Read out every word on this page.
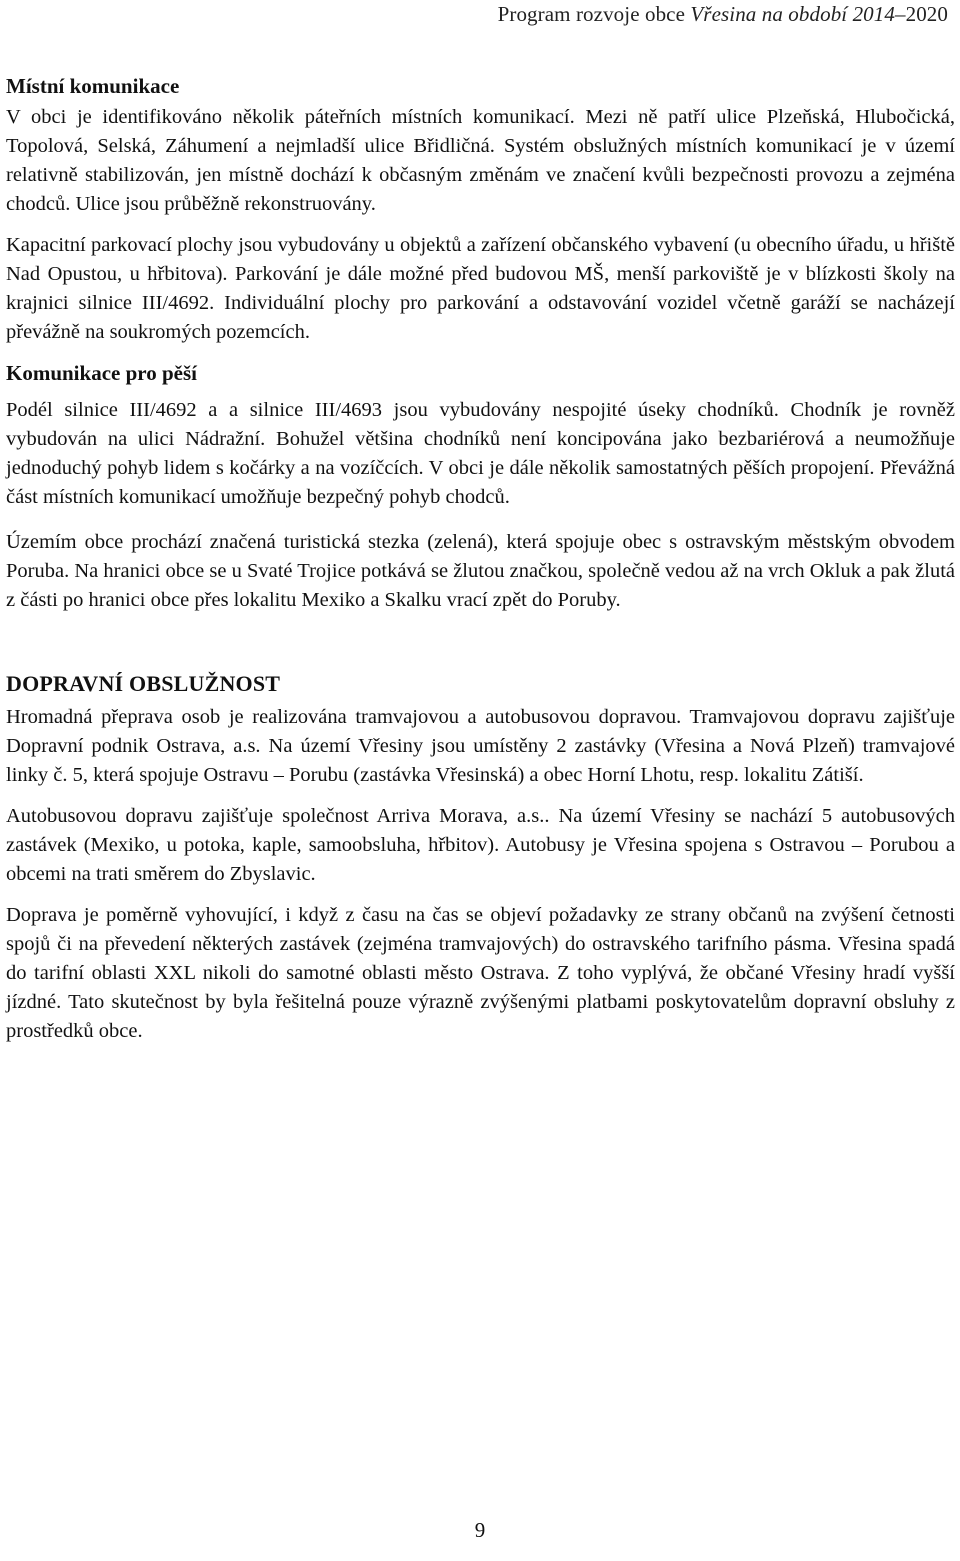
Program rozvoje obce Vřesina na období 2014–2020
Místní komunikace

V obci je identifikováno několik páteřních místních komunikací. Mezi ně patří ulice Plzeňská, Hlubočická, Topolová, Selská, Záhumení a nejmladší ulice Břidličná. Systém obslužných místních komunikací je v území relativně stabilizován, jen místně dochází k občasným změnám ve značení kvůli bezpečnosti provozu a zejména chodců. Ulice jsou průběžně rekonstruovány.

Kapacitní parkovací plochy jsou vybudovány u objektů a zařízení občanského vybavení (u obecního úřadu, u hřiště Nad Opustou, u hřbitova). Parkování je dále možné před budovou MŠ, menší parkoviště je v blízkosti školy na krajnici silnice III/4692. Individuální plochy pro parkování a odstavování vozidel včetně garáží se nacházejí převážně na soukromých pozemcích.

Komunikace pro pěší

Podél silnice III/4692 a a silnice III/4693 jsou vybudovány nespojité úseky chodníků. Chodník je rovněž vybudován na ulici Nádražní. Bohužel většina chodníků není koncipována jako bezbariérová a neumožňuje jednoduchý pohyb lidem s kočárky a na vozíčcích. V obci je dále několik samostatných pěších propojení. Převážná část místních komunikací umožňuje bezpečný pohyb chodců.

Územím obce prochází značená turistická stezka (zelená), která spojuje obec s ostravským městským obvodem Poruba. Na hranici obce se u Svaté Trojice potkává se žlutou značkou, společně vedou až na vrch Okluk a pak žlutá z části po hranici obce přes lokalitu Mexiko a Skalku vrací zpět do Poruby.

DOPRAVNÍ OBSLUŽNOST

Hromadná přeprava osob je realizována tramvajovou a autobusovou dopravou. Tramvajovou dopravu zajišťuje Dopravní podnik Ostrava, a.s. Na území Vřesiny jsou umístěny 2 zastávky (Vřesina a Nová Plzeň) tramvajové linky č. 5, která spojuje Ostravu – Porubu (zastávka Vřesinská) a obec Horní Lhotu, resp. lokalitu Zátiší.

Autobusovou dopravu zajišťuje společnost Arriva Morava, a.s.. Na území Vřesiny se nachází 5 autobusových zastávek (Mexiko, u potoka, kaple, samoobsluha, hřbitov). Autobusy je Vřesina spojena s Ostravou – Porubou a obcemi na trati směrem do Zbyslavic.

Doprava je poměrně vyhovující, i když z času na čas se objeví požadavky ze strany občanů na zvýšení četnosti spojů či na převedení některých zastávek (zejména tramvajových) do ostravského tarifního pásma. Vřesina spadá do tarifní oblasti XXL nikoli do samotné oblasti město Ostrava. Z toho vyplývá, že občané Vřesiny hradí vyšší jízdné. Tato skutečnost by byla řešitelná pouze výrazně zvýšenými platbami poskytovatelům dopravní obsluhy z prostředků obce.

9
